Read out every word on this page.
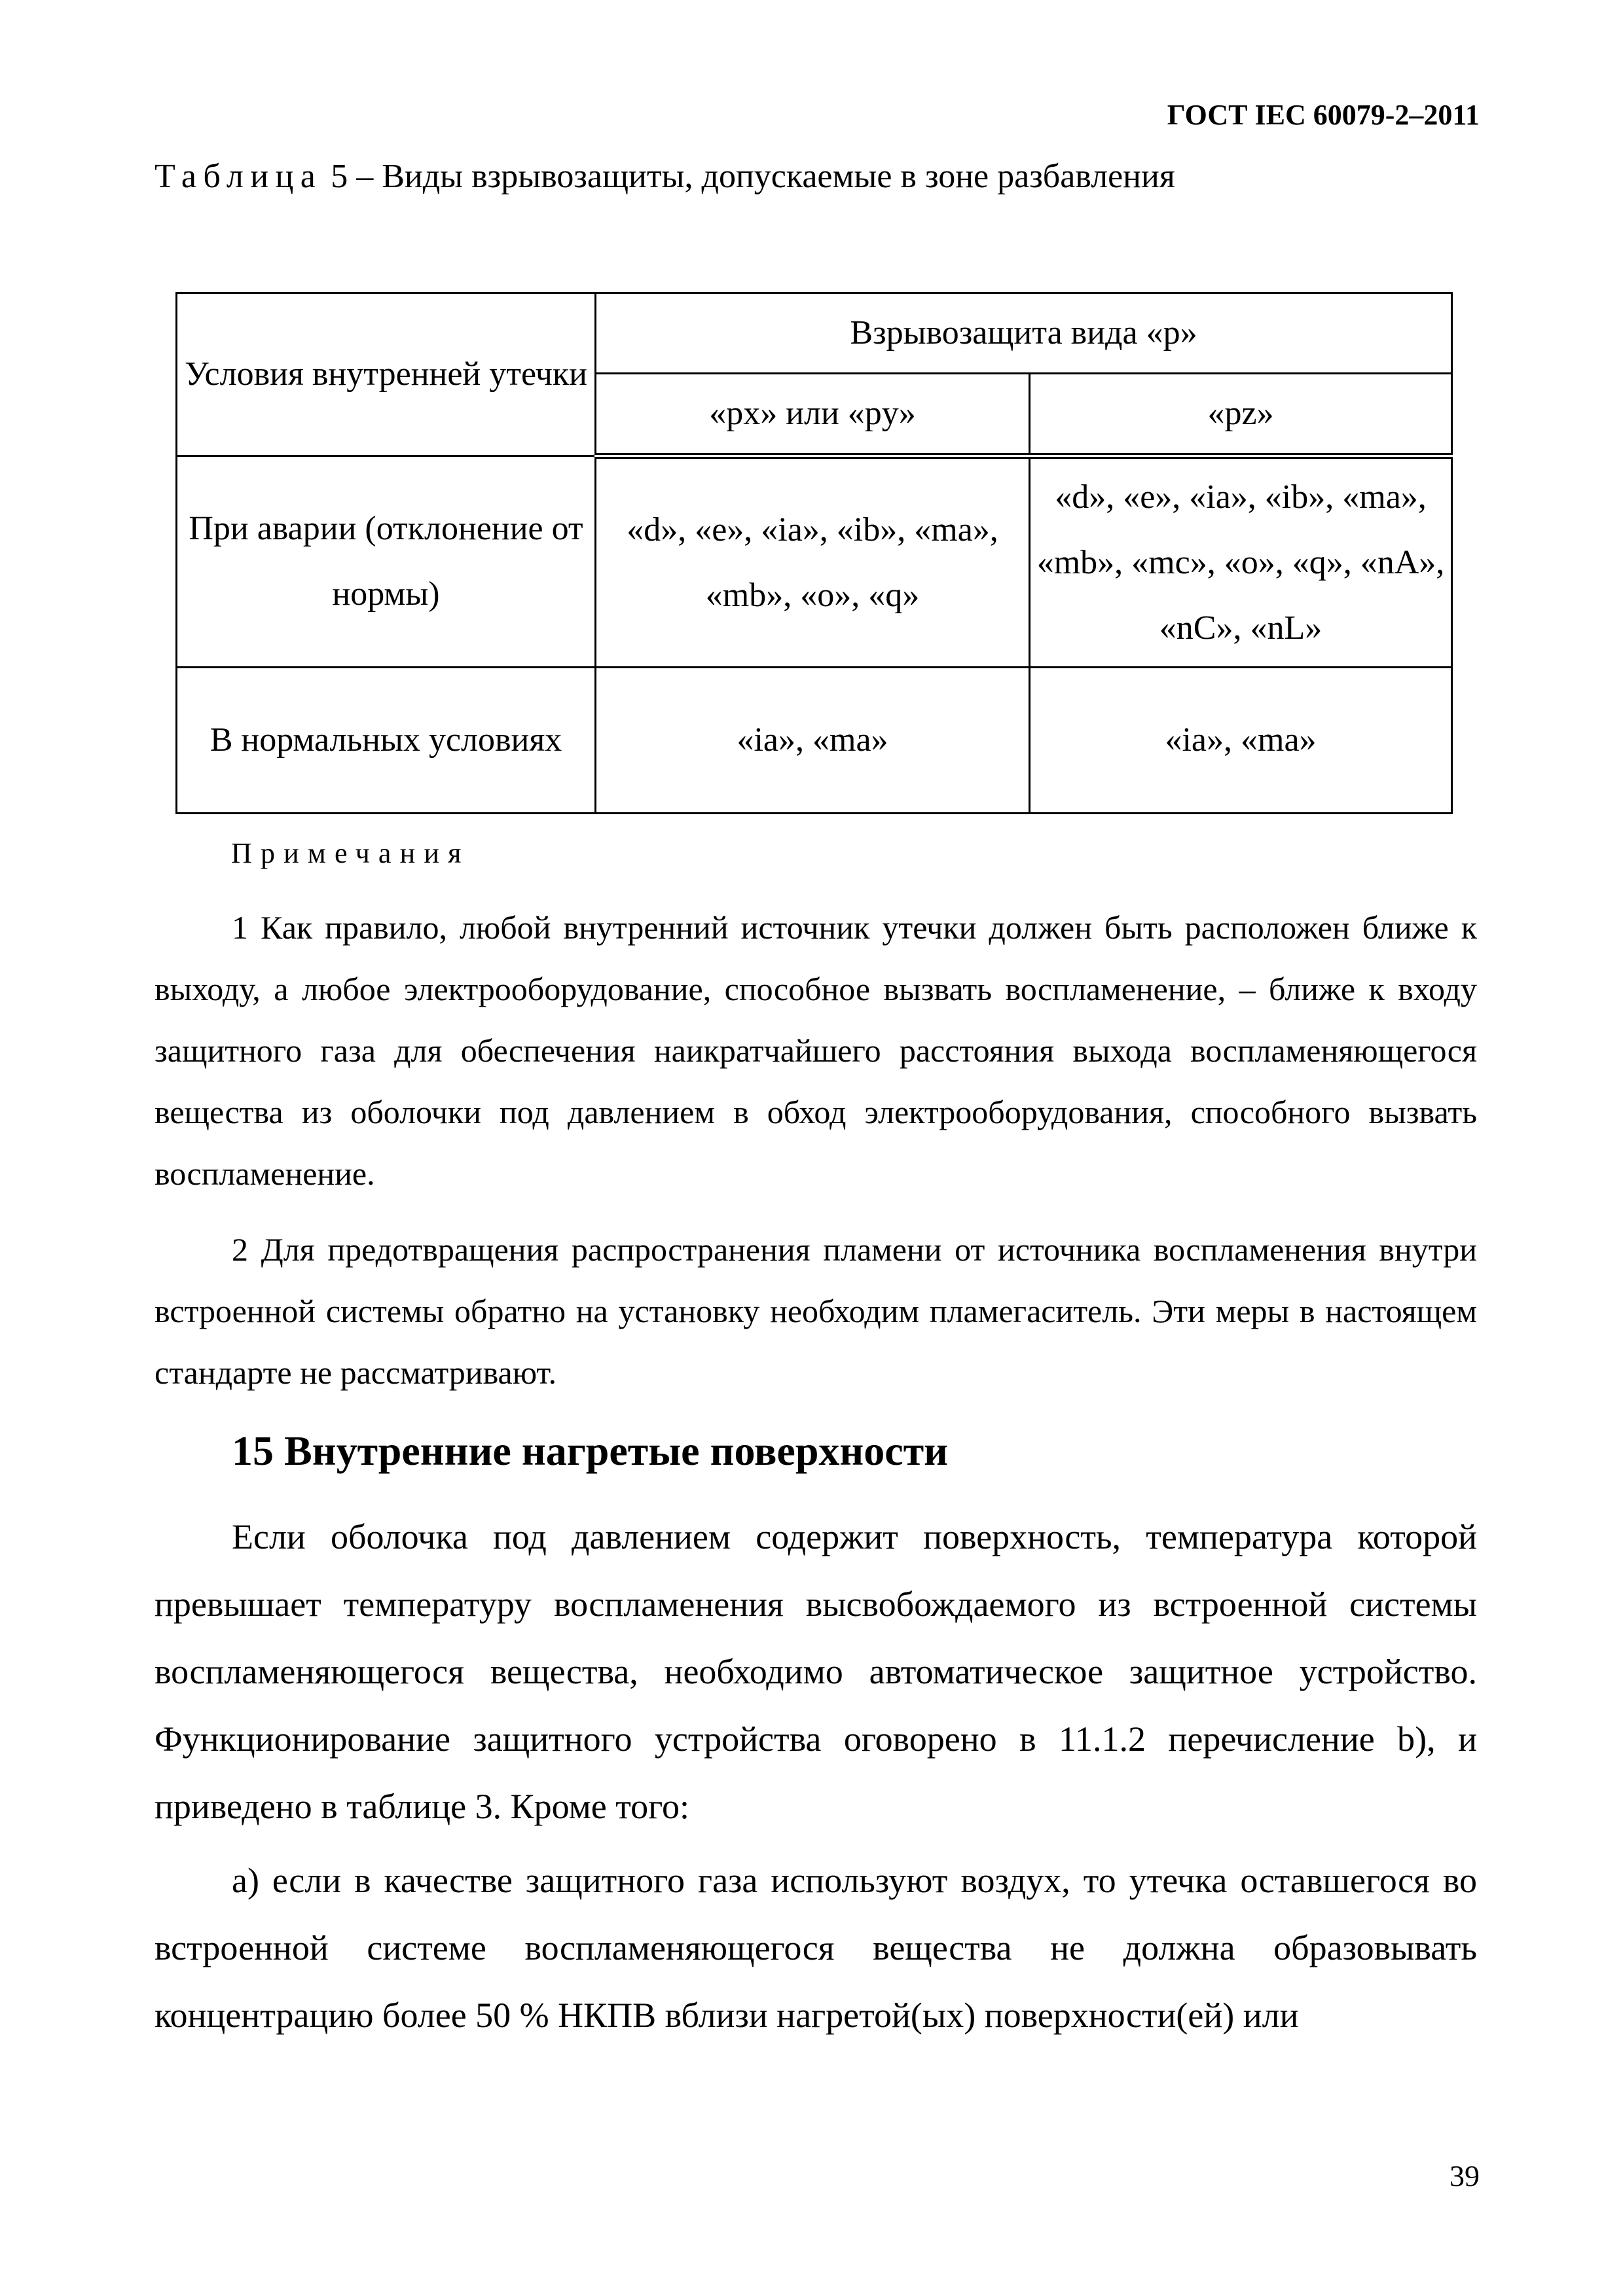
ГОСТ IEC 60079-2–2011
Таблица 5 – Виды взрывозащиты, допускаемые в зоне разбавления
Условия внутренней утечки	Взрывозащита вида «p»	
	«px» или «py»	«pz»
При аварии (отклонение от нормы)	«d», «e», «ia», «ib», «ma», «mb», «o», «q»	«d», «e», «ia», «ib», «ma», «mb», «mc», «o», «q», «nA», «nC», «nL»
В нормальных условиях	«ia», «ma»	«ia», «ma»
Примечания

1 Как правило, любой внутренний источник утечки должен быть расположен ближе к выходу, а любое электрооборудование, способное вызвать воспламенение, – ближе к входу защитного газа для обеспечения наикратчайшего расстояния выхода воспламеняющегося вещества из оболочки под давлением в обход электрооборудования, способного вызвать воспламенение.

2 Для предотвращения распространения пламени от источника воспламенения внутри встроенной системы обратно на установку необходим пламегаситель. Эти меры в настоящем стандарте не рассматривают.

15 Внутренние нагретые поверхности

Если оболочка под давлением содержит поверхность, температура которой превышает температуру воспламенения высвобождаемого из встроенной системы воспламеняющегося вещества, необходимо автоматическое защитное устройство. Функционирование защитного устройства оговорено в 11.1.2 перечисление b), и приведено в таблице 3. Кроме того:

а) если в качестве защитного газа используют воздух, то утечка оставшегося во встроенной системе воспламеняющегося вещества не должна образовывать концентрацию более 50 % НКПВ вблизи нагретой(ых) поверхности(ей) или

39
